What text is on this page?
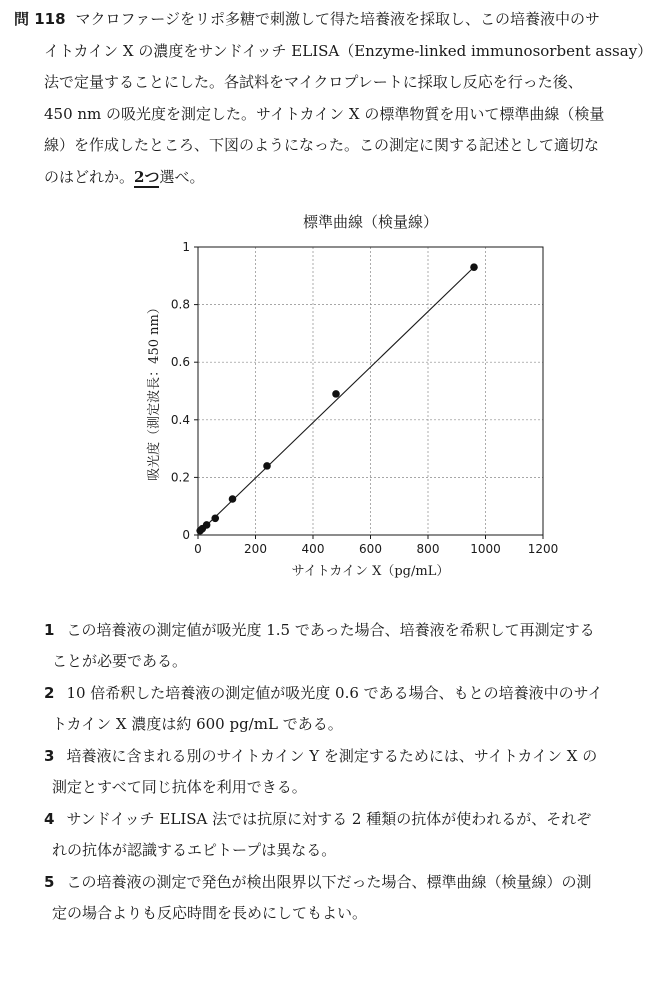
問 118 マクロファージをリポ多糖で刺激して得た培養液を採取し、この培養液中のサ
イトカイン X の濃度をサンドイッチ ELISA（Enzyme-linked immunosorbent assay）
法で定量することにした。各試料をマイクロプレートに採取し反応を行った後、
450 nm の吸光度を測定した。サイトカイン X の標準物質を用いて標準曲線（検量
線）を作成したところ、下図のようになった。この測定に関する記述として適切な
のはどれか。2つ選べ。
標準曲線（検量線）
0	200	400	600	800	1000 1200
0
0.2
0.4
0.6
0.8
1
サイトカイン X（pg/mL）
吸光度（測定波長：450 nm）
1 この培養液の測定値が吸光度 1.5 であった場合、培養液を希釈して再測定する
ことが必要である。
2 10 倍希釈した培養液の測定値が吸光度 0.6 である場合、もとの培養液中のサイ
トカイン X 濃度は約 600 pg/mL である。
3 培養液に含まれる別のサイトカイン Y を測定するためには、サイトカイン X の
測定とすべて同じ抗体を利用できる。
4 サンドイッチ ELISA 法では抗原に対する 2 種類の抗体が使われるが、それぞ
れの抗体が認識するエピトープは異なる。
5 この培養液の測定で発色が検出限界以下だった場合、標準曲線（検量線）の測
定の場合よりも反応時間を長めにしてもよい。
